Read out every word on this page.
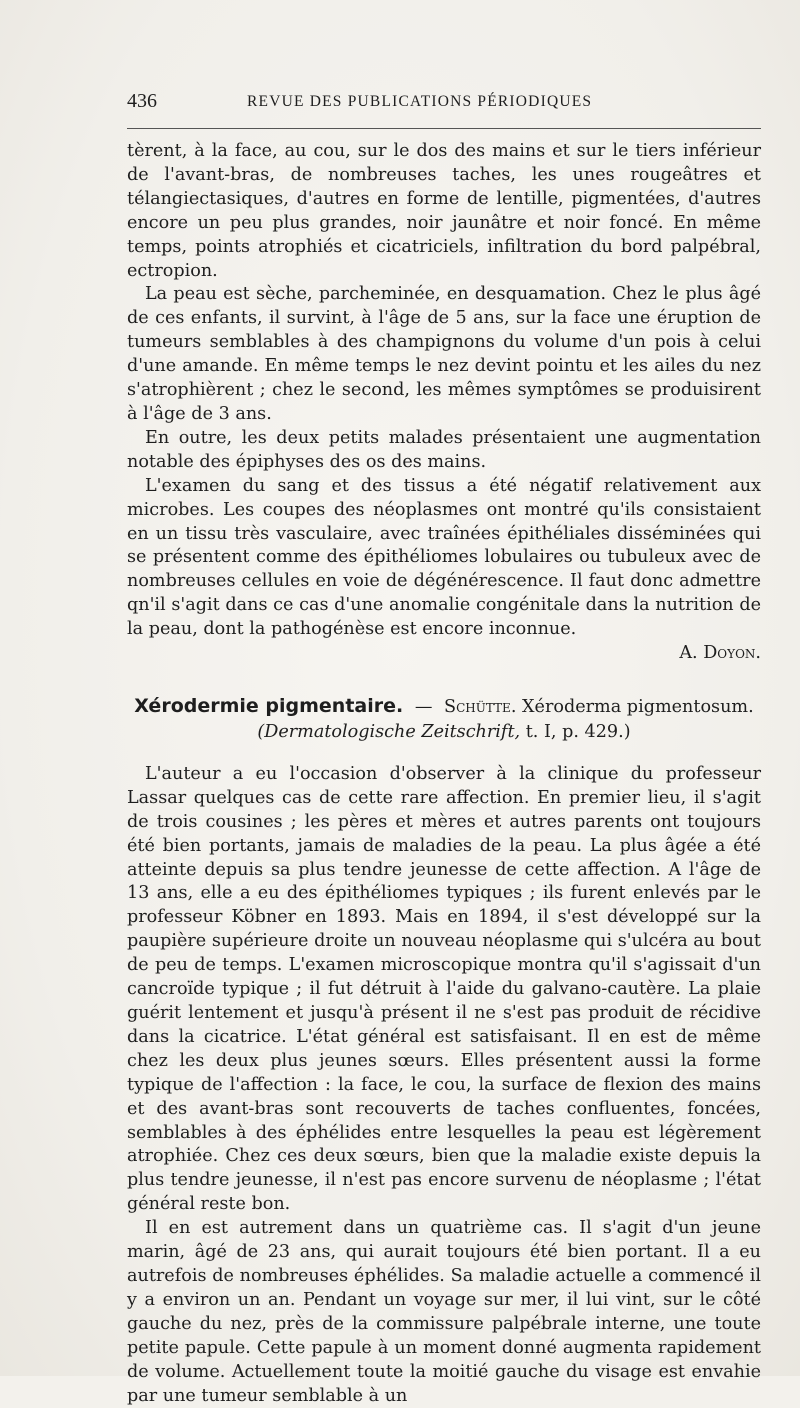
436	REVUE DES PUBLICATIONS PÉRIODIQUES

tèrent, à la face, au cou, sur le dos des mains et sur le tiers inférieur de l'avant-bras, de nombreuses taches, les unes rougeâtres et télangiectasiques, d'autres en forme de lentille, pigmentées, d'autres encore un peu plus grandes, noir jaunâtre et noir foncé. En même temps, points atrophiés et cicatriciels, infiltration du bord palpébral, ectropion.

La peau est sèche, parcheminée, en desquamation. Chez le plus âgé de ces enfants, il survint, à l'âge de 5 ans, sur la face une éruption de tumeurs semblables à des champignons du volume d'un pois à celui d'une amande. En même temps le nez devint pointu et les ailes du nez s'atrophièrent ; chez le second, les mêmes symptômes se produisirent à l'âge de 3 ans.

En outre, les deux petits malades présentaient une augmentation notable des épiphyses des os des mains.

L'examen du sang et des tissus a été négatif relativement aux microbes. Les coupes des néoplasmes ont montré qu'ils consistaient en un tissu très vasculaire, avec traînées épithéliales disséminées qui se présentent comme des épithéliomes lobulaires ou tubuleux avec de nombreuses cellules en voie de dégénérescence. Il faut donc admettre qn'il s'agit dans ce cas d'une anomalie congénitale dans la nutrition de la peau, dont la pathogénèse est encore inconnue.

A. Doyon.
Xérodermie pigmentaire. — Schütte. Xéroderma pigmentosum.
(Dermatologische Zeitschrift, t. I, p. 429.)

L'auteur a eu l'occasion d'observer à la clinique du professeur Lassar quelques cas de cette rare affection. En premier lieu, il s'agit de trois cousines ; les pères et mères et autres parents ont toujours été bien portants, jamais de maladies de la peau. La plus âgée a été atteinte depuis sa plus tendre jeunesse de cette affection. A l'âge de 13 ans, elle a eu des épithéliomes typiques ; ils furent enlevés par le professeur Köbner en 1893. Mais en 1894, il s'est développé sur la paupière supérieure droite un nouveau néoplasme qui s'ulcéra au bout de peu de temps. L'examen microscopique montra qu'il s'agissait d'un cancroïde typique ; il fut détruit à l'aide du galvano-cautère. La plaie guérit lentement et jusqu'à présent il ne s'est pas produit de récidive dans la cicatrice. L'état général est satisfaisant. Il en est de même chez les deux plus jeunes sœurs. Elles présentent aussi la forme typique de l'affection : la face, le cou, la surface de flexion des mains et des avant-bras sont recouverts de taches confluentes, foncées, semblables à des éphélides entre lesquelles la peau est légèrement atrophiée. Chez ces deux sœurs, bien que la maladie existe depuis la plus tendre jeunesse, il n'est pas encore survenu de néoplasme ; l'état général reste bon.

Il en est autrement dans un quatrième cas. Il s'agit d'un jeune marin, âgé de 23 ans, qui aurait toujours été bien portant. Il a eu autrefois de nombreuses éphélides. Sa maladie actuelle a commencé il y a environ un an. Pendant un voyage sur mer, il lui vint, sur le côté gauche du nez, près de la commissure palpébrale interne, une toute petite papule. Cette papule à un moment donné augmenta rapidement de volume. Actuellement toute la moitié gauche du visage est envahie par une tumeur semblable à un
